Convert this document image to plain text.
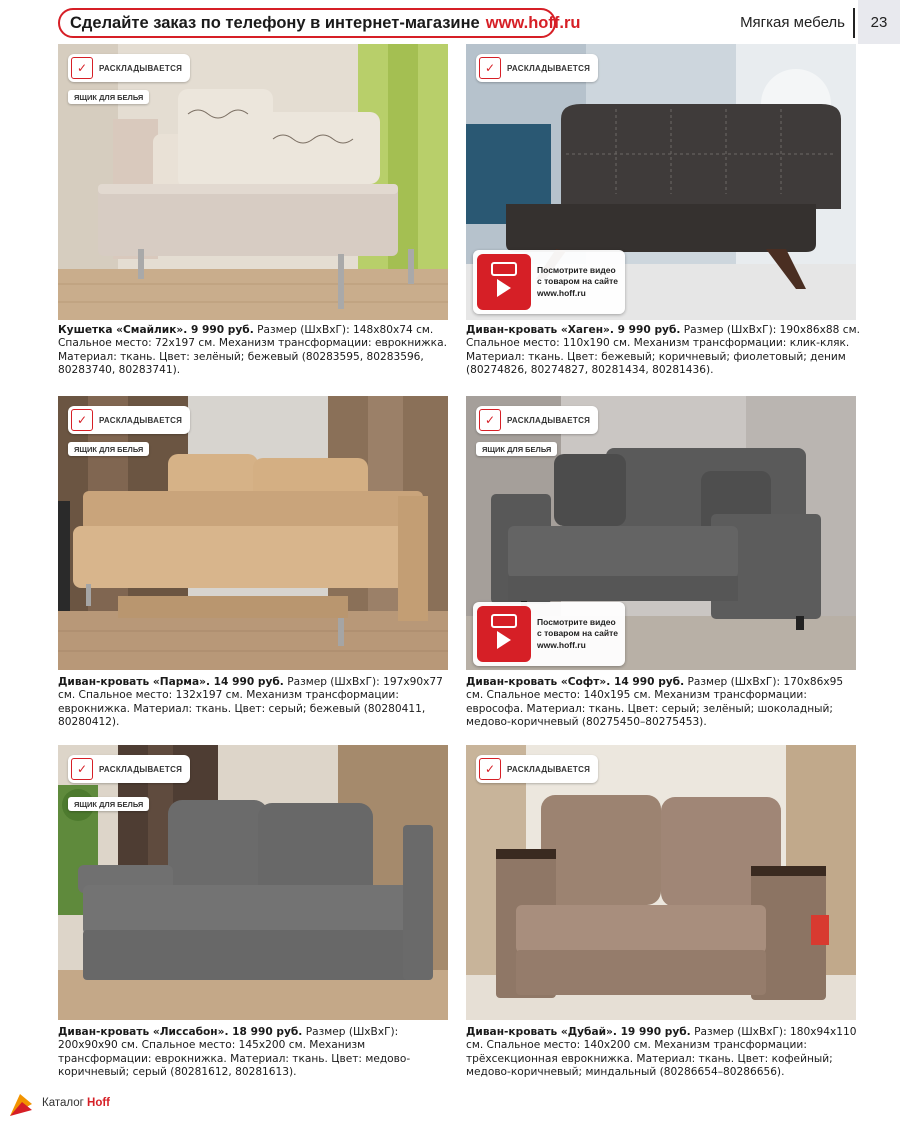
Сделайте заказ по телефону в интернет-магазине www.hoff.ru	Мягкая мебель	23
✓	РАСКЛАДЫВАЕТСЯ
ЯЩИК ДЛЯ БЕЛЬЯ
Кушетка «Смайлик». 9 990 руб. Размер (ШхВхГ): 148х80х74 см. Спальное место: 72х197 см. Механизм трансформации: еврокнижка. Материал: ткань. Цвет: зелёный; бежевый (80283595, 80283596, 80283740, 80283741).
✓	РАСКЛАДЫВАЕТСЯ
Посмотрите видео
с товаром на сайте
www.hoff.ru
Диван-кровать «Хаген». 9 990 руб. Размер (ШхВхГ): 190х86х88 см. Спальное место: 110х190 см. Механизм трансформации: клик-кляк. Материал: ткань. Цвет: бежевый; коричневый; фиолетовый; деним (80274826, 80274827, 80281434, 80281436).
✓	РАСКЛАДЫВАЕТСЯ
ЯЩИК ДЛЯ БЕЛЬЯ
Диван-кровать «Парма». 14 990 руб. Размер (ШхВхГ): 197х90х77 см. Спальное место: 132х197 см. Механизм трансформации: еврокнижка. Материал: ткань. Цвет: серый; бежевый (80280411, 80280412).
✓	РАСКЛАДЫВАЕТСЯ
ЯЩИК ДЛЯ БЕЛЬЯ
Посмотрите видео
с товаром на сайте
www.hoff.ru
Диван-кровать «Софт». 14 990 руб. Размер (ШхВхГ): 170х86х95 см. Спальное место: 140х195 см. Механизм трансформации: еврософа. Материал: ткань. Цвет: серый; зелёный; шоколадный; медово-коричневый (80275450–80275453).
✓	РАСКЛАДЫВАЕТСЯ
ЯЩИК ДЛЯ БЕЛЬЯ
Диван-кровать «Лиссабон». 18 990 руб. Размер (ШхВхГ): 200х90х90 см. Спальное место: 145х200 см. Механизм трансформации: еврокнижка. Материал: ткань. Цвет: медово-коричневый; серый (80281612, 80281613).
✓	РАСКЛАДЫВАЕТСЯ
Диван-кровать «Дубай». 19 990 руб. Размер (ШхВхГ): 180х94х110 см. Спальное место: 140х200 см. Механизм трансформации: трёхсекционная еврокнижка. Материал: ткань. Цвет: кофейный; медово-коричневый; миндальный (80286654–80286656).
Каталог Hoff
